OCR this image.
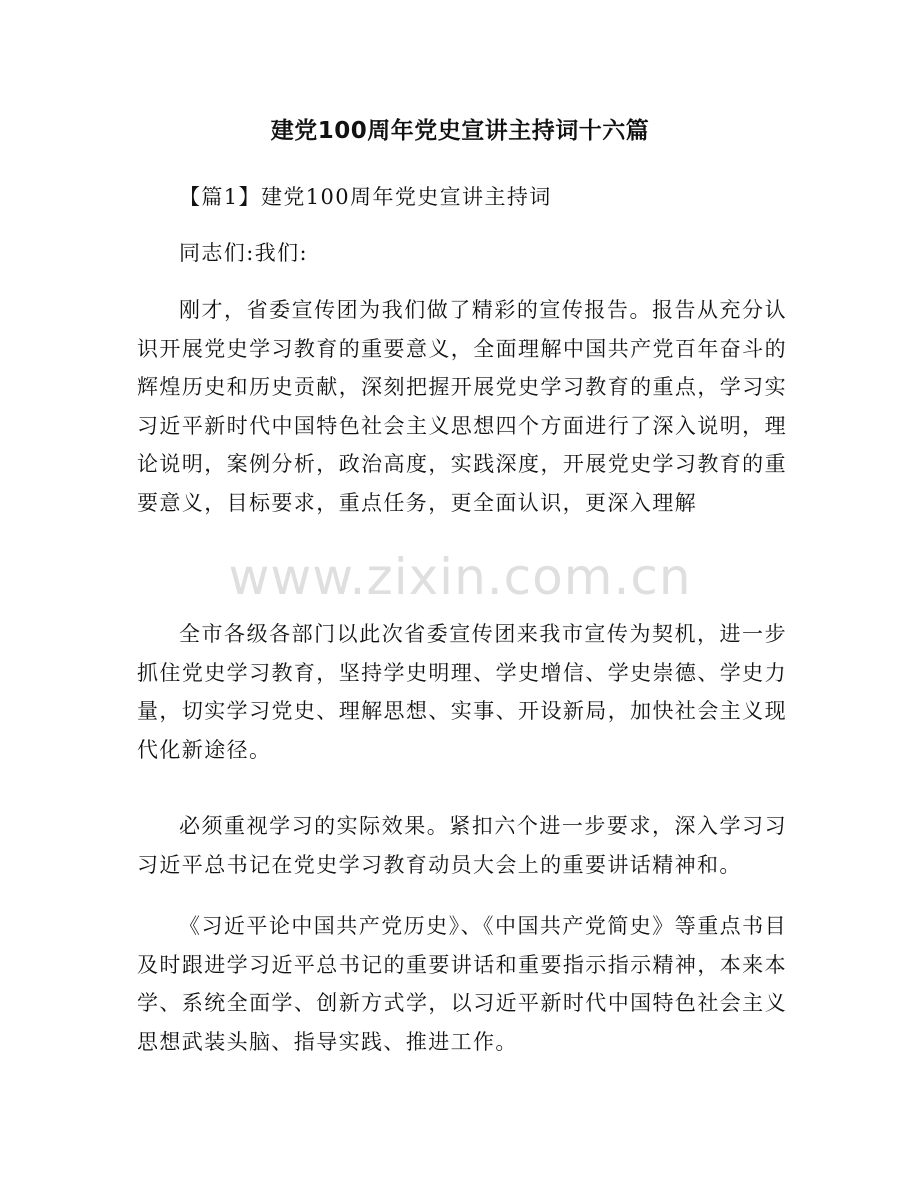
建党100周年党史宣讲主持词十六篇

【篇1】建党100周年党史宣讲主持词

同志们:我们:

刚才，省委宣传团为我们做了精彩的宣传报告。报告从充分认识开展党史学习教育的重要意义，全面理解中国共产党百年奋斗的辉煌历史和历史贡献，深刻把握开展党史学习教育的重点，学习实习近平新时代中国特色社会主义思想四个方面进行了深入说明，理论说明，案例分析，政治高度，实践深度，开展党史学习教育的重要意义，目标要求，重点任务，更全面认识，更深入理解

全市各级各部门以此次省委宣传团来我市宣传为契机，进一步抓住党史学习教育，坚持学史明理、学史增信、学史崇德、学史力量，切实学习党史、理解思想、实事、开设新局，加快社会主义现代化新途径。

必须重视学习的实际效果。紧扣六个进一步要求，深入学习习习近平总书记在党史学习教育动员大会上的重要讲话精神和。

《习近平论中国共产党历史》、《中国共产党简史》等重点书目及时跟进学习近平总书记的重要讲话和重要指示指示精神，本来本学、系统全面学、创新方式学，以习近平新时代中国特色社会主义思想武装头脑、指导实践、推进工作。

www.zixin.com.cn
